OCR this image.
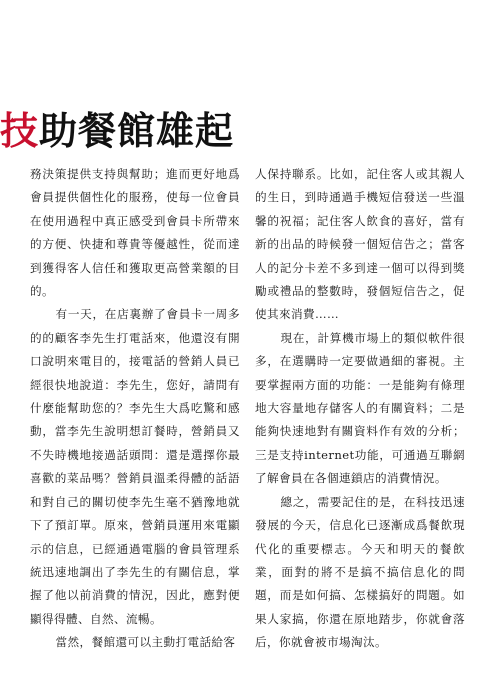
技助餐館雄起

務決策提供支持與幫助；進而更好地爲會員提供個性化的服務，使每一位會員在使用過程中真正感受到會員卡所帶來的方便、快捷和尊貴等優越性，從而達到獲得客人信任和獲取更高營業額的目的。

有一天，在店裏辦了會員卡一周多的的顧客李先生打電話來，他還沒有開口說明來電目的，接電話的營銷人員已經很快地說道：李先生，您好，請問有什麼能幫助您的？李先生大爲吃驚和感動，當李先生說明想訂餐時，營銷員又不失時機地接過話頭問：還是選擇你最喜歡的菜品嗎？營銷員溫柔得體的話語和對自己的關切使李先生毫不猶豫地就下了預訂單。原來，營銷員運用來電顯示的信息，已經通過電腦的會員管理系統迅速地調出了李先生的有關信息，掌握了他以前消費的情況，因此，應對便顯得得體、自然、流暢。

當然，餐館還可以主動打電話給客

人保持聯系。比如，記住客人或其親人的生日，到時通過手機短信發送一些溫馨的祝福；記住客人飲食的喜好，當有新的出品的時候發一個短信告之；當客人的記分卡差不多到達一個可以得到獎勵或禮品的整數時，發個短信告之，促使其來消費……

現在，計算機市場上的類似軟件很多，在選購時一定要做過細的審視。主要掌握兩方面的功能：一是能夠有條理地大容量地存儲客人的有關資料；二是能夠快速地對有關資料作有效的分析；三是支持internet功能，可通過互聯網了解會員在各個連鎖店的消費情況。

總之，需要記住的是，在科技迅速發展的今天，信息化已逐漸成爲餐飲現代化的重要標志。今天和明天的餐飲業，面對的將不是搞不搞信息化的問題，而是如何搞、怎樣搞好的問題。如果人家搞，你還在原地踏步，你就會落后，你就會被市場淘汰。
